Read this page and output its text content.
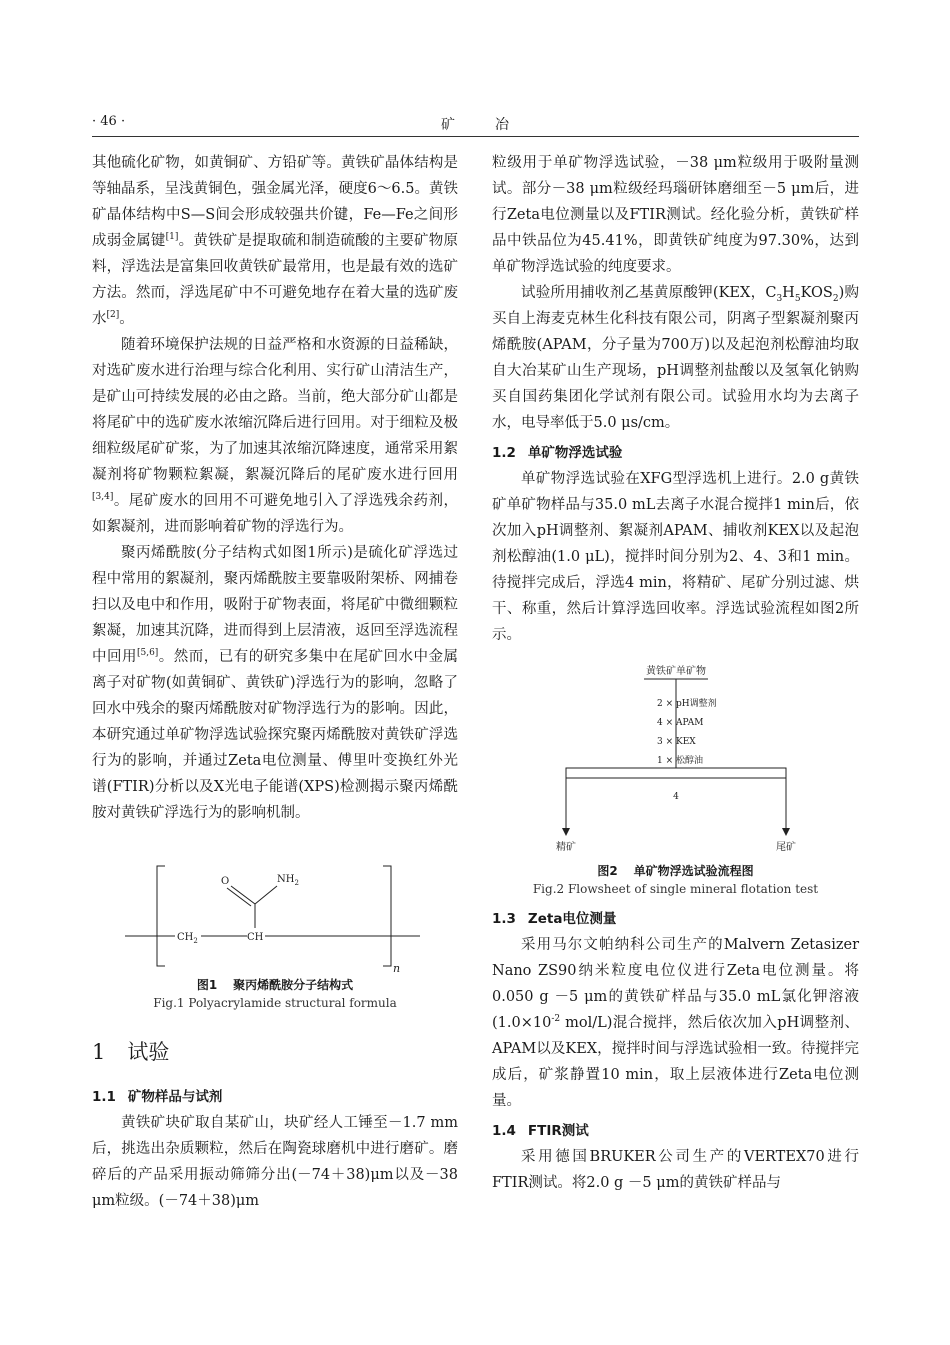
· 46 ·	矿冶

其他硫化矿物，如黄铜矿、方铅矿等。黄铁矿晶体结构是等轴晶系，呈浅黄铜色，强金属光泽，硬度6～6.5。黄铁矿晶体结构中S—S间会形成较强共价键，Fe—Fe之间形成弱金属键[1]。黄铁矿是提取硫和制造硫酸的主要矿物原料，浮选法是富集回收黄铁矿最常用，也是最有效的选矿方法。然而，浮选尾矿中不可避免地存在着大量的选矿废水[2]。

随着环境保护法规的日益严格和水资源的日益稀缺，对选矿废水进行治理与综合化利用、实行矿山清洁生产，是矿山可持续发展的必由之路。当前，绝大部分矿山都是将尾矿中的选矿废水浓缩沉降后进行回用。对于细粒及极细粒级尾矿矿浆，为了加速其浓缩沉降速度，通常采用絮凝剂将矿物颗粒絮凝，絮凝沉降后的尾矿废水进行回用[3,4]。尾矿废水的回用不可避免地引入了浮选残余药剂，如絮凝剂，进而影响着矿物的浮选行为。

聚丙烯酰胺(分子结构式如图1所示)是硫化矿浮选过程中常用的絮凝剂，聚丙烯酰胺主要靠吸附架桥、网捕卷扫以及电中和作用，吸附于矿物表面，将尾矿中微细颗粒絮凝，加速其沉降，进而得到上层清液，返回至浮选流程中回用[5,6]。然而，已有的研究多集中在尾矿回水中金属离子对矿物(如黄铜矿、黄铁矿)浮选行为的影响，忽略了回水中残余的聚丙烯酰胺对矿物浮选行为的影响。因此，本研究通过单矿物浮选试验探究聚丙烯酰胺对黄铁矿浮选行为的影响，并通过Zeta电位测量、傅里叶变换红外光谱(FTIR)分析以及X光电子能谱(XPS)检测揭示聚丙烯酰胺对黄铁矿浮选行为的影响机制。

O	$NH_2$
$CH_2$	CH
n
图1 聚丙烯酰胺分子结构式
Fig.1 Polyacrylamide structural formula
1 试验
1.1 矿物样品与试剂

黄铁矿块矿取自某矿山，块矿经人工锤至－1.7 mm后，挑选出杂质颗粒，然后在陶瓷球磨机中进行磨矿。磨碎后的产品采用振动筛筛分出(－74＋38)μm以及－38 μm粒级。(－74＋38)μm

粒级用于单矿物浮选试验，－38 μm粒级用于吸附量测试。部分－38 μm粒级经玛瑙研钵磨细至－5 μm后，进行Zeta电位测量以及FTIR测试。经化验分析，黄铁矿样品中铁品位为45.41%，即黄铁矿纯度为97.30%，达到单矿物浮选试验的纯度要求。

试验所用捕收剂乙基黄原酸钾(KEX，$C_3H_5KOS_2$)购买自上海麦克林生化科技有限公司，阴离子型絮凝剂聚丙烯酰胺(APAM，分子量为700万)以及起泡剂松醇油均取自大冶某矿山生产现场，pH调整剂盐酸以及氢氧化钠购买自国药集团化学试剂有限公司。试验用水均为去离子水，电导率低于5.0 μs/cm。

1.2 单矿物浮选试验

单矿物浮选试验在XFG型浮选机上进行。2.0 g黄铁矿单矿物样品与35.0 mL去离子水混合搅拌1 min后，依次加入pH调整剂、絮凝剂APAM、捕收剂KEX以及起泡剂松醇油(1.0 μL)，搅拌时间分别为2、4、3和1 min。待搅拌完成后，浮选4 min，将精矿、尾矿分别过滤、烘干、称重，然后计算浮选回收率。浮选试验流程如图2所示。

黄铁矿单矿物
2 × pH调整剂
4 × APAM
3 × KEX
1 × 松醇油
4
精矿	尾矿
图2 单矿物浮选试验流程图
Fig.2 Flowsheet of single mineral flotation test
1.3 Zeta电位测量

采用马尔文帕纳科公司生产的Malvern Zetasizer Nano ZS90纳米粒度电位仪进行Zeta电位测量。将0.050 g －5 μm的黄铁矿样品与35.0 mL氯化钾溶液($1.0\times 10^{-2}$ mol/L)混合搅拌，然后依次加入pH调整剂、APAM以及KEX，搅拌时间与浮选试验相一致。待搅拌完成后，矿浆静置10 min，取上层液体进行Zeta电位测量。

1.4 FTIR测试

采用德国BRUKER公司生产的VERTEX70进行FTIR测试。将2.0 g －5 μm的黄铁矿样品与
